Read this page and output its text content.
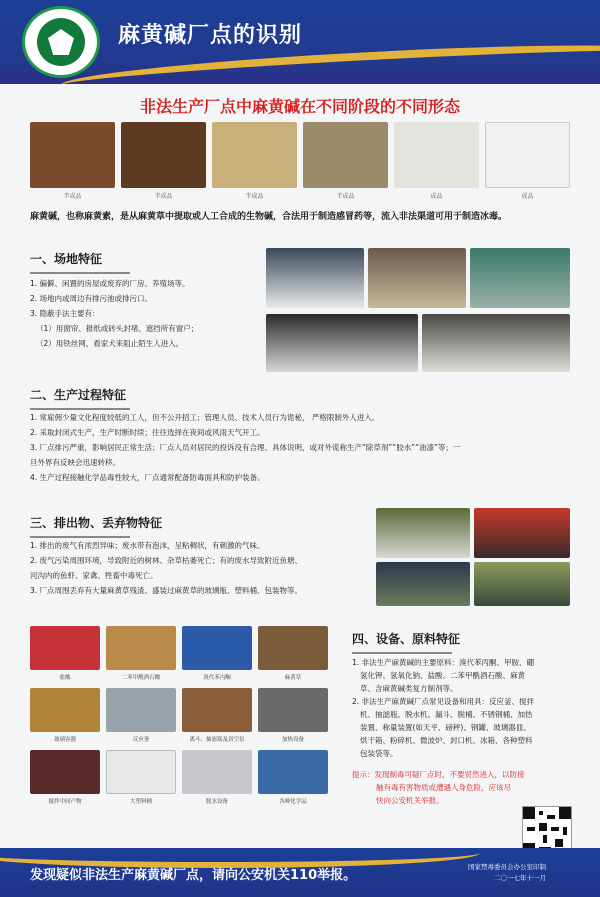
麻黄碱厂点的识别
非法生产厂点中麻黄碱在不同阶段的不同形态
半成品	半成品	半成品	半成品	成品	成品
麻黄碱，也称麻黄素，是从麻黄草中提取或人工合成的生物碱，合法用于制造感冒药等，流入非法渠道可用于制造冰毒。
一、场地特征
1. 偏僻、闲置的房屋或废弃的厂房、养殖场等。
2. 场地内或周边有排污池或排污口。
3. 隐蔽手法主要有：
（1）用窗帘、报纸或砖头封堵、遮挡所有窗户；
（2）用铁丝网、看家犬来阻止陌生人进入。
二、生产过程特征
1. 常雇佣少量文化程度较低的工人，但不公开招工；管理人员、技术人员行为诡秘， 严格限制外人进入。
2. 采取封闭式生产，生产时断时续；往往选择在夜间或风雨天气开工。
3. 厂点排污严重，影响居民正常生活；厂点人员对居民的投诉没有合理、具体说明，或对外谎称生产“除草剂”“胶水”“油漆”等；一
旦外界有反映会迅速转移。
4. 生产过程接触化学品毒性较大，厂点通常配备防毒面具和防护装备。
三、排出物、丢弃物特征
1. 排出的废气有浓烈异味；废水带有泡沫，呈粘稠状，有刺激的气味。
2. 废气污染周围环境，导致附近的树林、杂草枯萎死亡；有的废水导致附近鱼塘、
河沟内的鱼虾、家禽、牲畜中毒死亡。
3. 厂点周围丢弃有大量麻黄草残渣、盛装过麻黄草的玻璃瓶、塑料桶、包装物等。
盐酸	二苯甲酰酒石酸	溴代苯丙酮	麻黄草
玻璃容器	反应釜	离斗、抽滤瓶及真空泵	加热设备
搅拌中间产物	大塑料桶	脱水设备	各种化学品
四、设备、原料特征
1. 非法生产麻黄碱的主要原料：溴代苯丙酮、甲胺、硼
氢化钾、氢氧化钠、盐酸、二苯甲酰酒石酸、麻黄
草、含麻黄碱类复方制剂等。
2. 非法生产麻黄碱厂点常见设备和用具：反应釜、搅拌
机、抽滤瓶、脱水机、漏斗、脱桶、不锈钢桶、加热
装置、称量装置(如天平、磅秤)、钢罐、玻璃器皿、
烘干箱、粉碎机、微波炉、封口机、冰箱、各种塑料
包装袋等。
提示：发现制毒可疑厂点时，不要贸然进入，以防接
触有毒有害物质或遭遇人身危险，应该尽
快向公安机关举报。
发现疑似非法生产麻黄碱厂点，请向公安机关110举报。
国家禁毒委员会办公室印制
二〇一七年十一月
